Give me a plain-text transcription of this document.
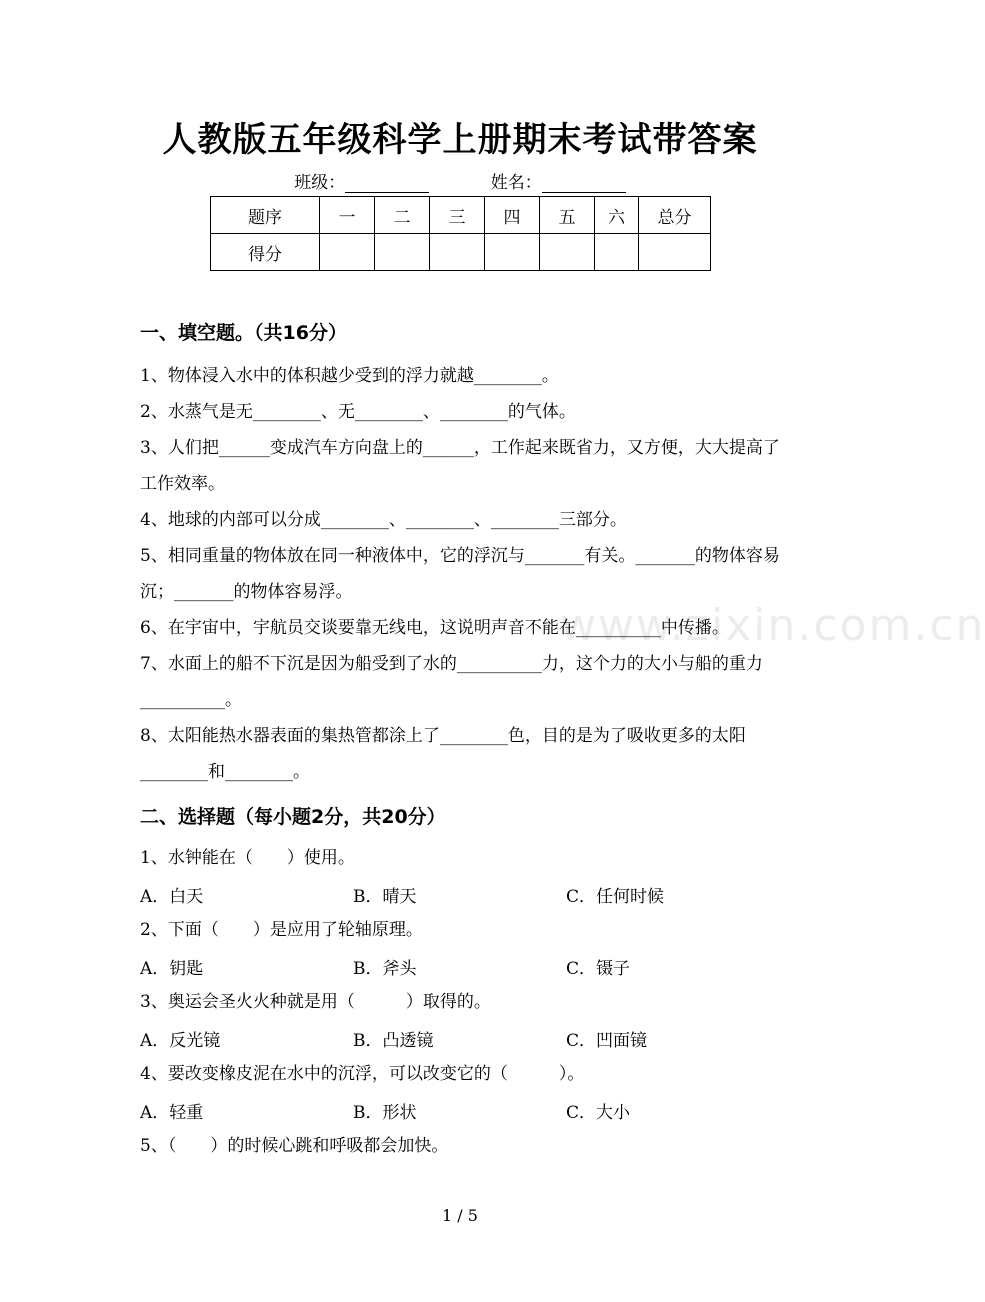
www.zixin.com.cn
人教版五年级科学上册期末考试带答案
班级：	姓名：
题序	一	二	三	四	五	六	总分
得分							
一、填空题。（共16分）
1、物体浸入水中的体积越少受到的浮力就越________。
2、水蒸气是无________、无________、________的气体。
3、人们把______变成汽车方向盘上的______，工作起来既省力，又方便，大大提高了工作效率。
4、地球的内部可以分成________、________、________三部分。
5、相同重量的物体放在同一种液体中，它的浮沉与_______有关。_______的物体容易沉；_______的物体容易浮。
6、在宇宙中，宇航员交谈要靠无线电，这说明声音不能在__________中传播。
7、水面上的船不下沉是因为船受到了水的__________力，这个力的大小与船的重力__________。
8、太阳能热水器表面的集热管都涂上了________色，目的是为了吸收更多的太阳________和________。
二、选择题（每小题2分，共20分）
1、水钟能在（　　）使用。
A．白天	B．晴天	C．任何时候
2、下面（　　）是应用了轮轴原理。
A．钥匙	B．斧头	C．镊子
3、奥运会圣火火种就是用（　　　）取得的。
A．反光镜	B．凸透镜	C．凹面镜
4、要改变橡皮泥在水中的沉浮，可以改变它的（　　　）。
A．轻重	B．形状	C．大小
5、（　　）的时候心跳和呼吸都会加快。
1 / 5
